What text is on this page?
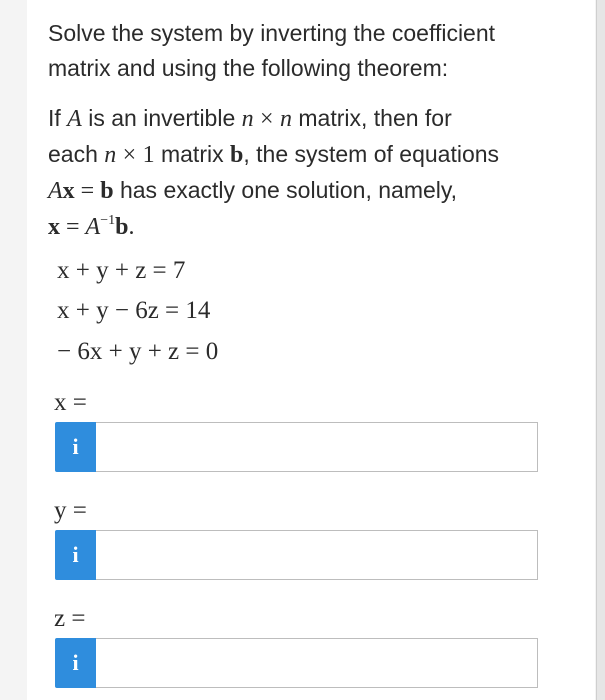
Solve the system by inverting the coefficient
matrix and using the following theorem:

If A is an invertible n × n matrix, then for
each n × 1 matrix b, the system of equations
Ax = b has exactly one solution, namely,
$x = A^{-1}b$.

x + y + z = 7
x + y − 6z = 14
− 6x + y + z = 0
x =
i
y =
i
z =
i
